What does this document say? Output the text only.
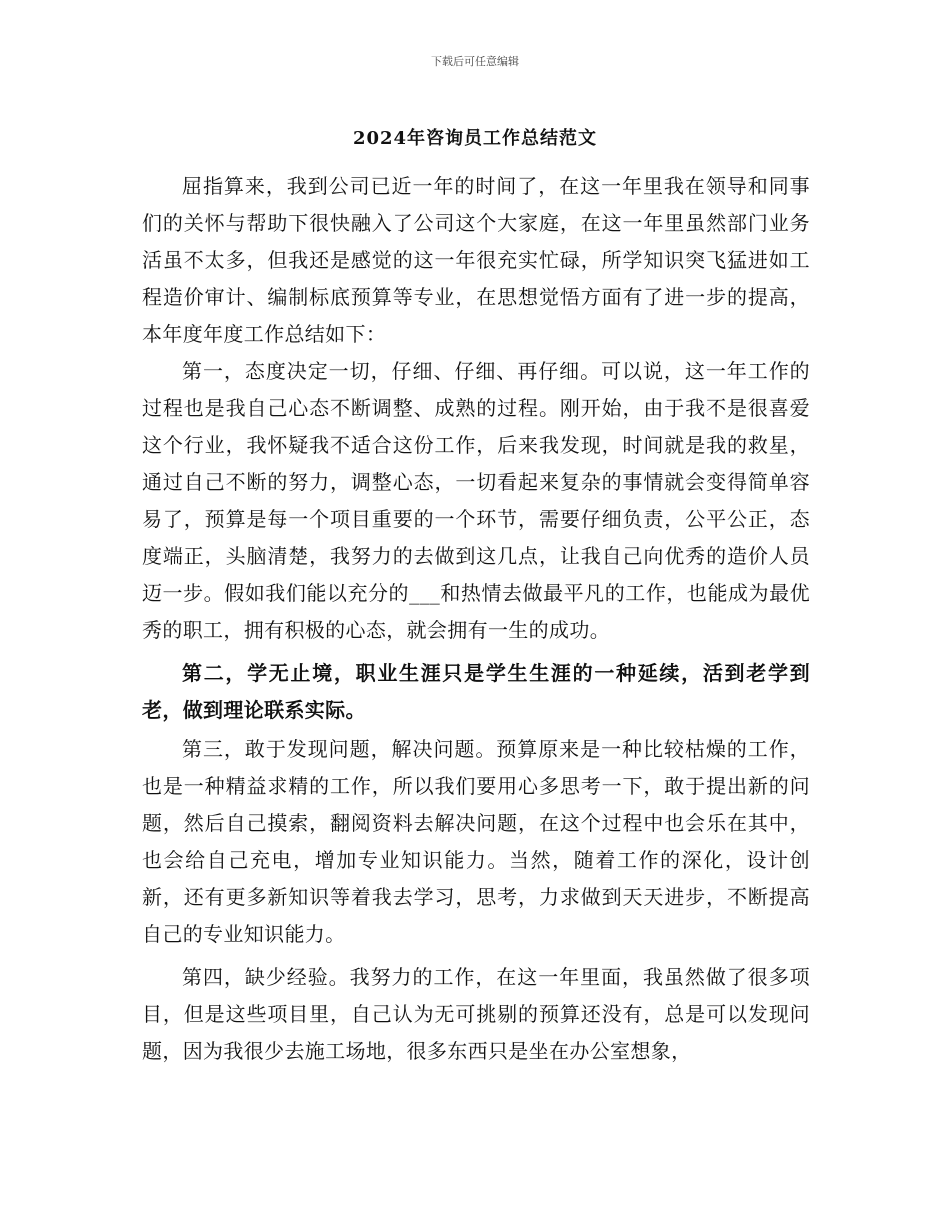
下载后可任意编辑
2024年咨询员工作总结范文

屈指算来，我到公司已近一年的时间了，在这一年里我在领导和同事们的关怀与帮助下很快融入了公司这个大家庭，在这一年里虽然部门业务活虽不太多，但我还是感觉的这一年很充实忙碌，所学知识突飞猛进如工程造价审计、编制标底预算等专业，在思想觉悟方面有了进一步的提高，本年度年度工作总结如下：

第一，态度决定一切，仔细、仔细、再仔细。可以说，这一年工作的过程也是我自己心态不断调整、成熟的过程。刚开始，由于我不是很喜爱这个行业，我怀疑我不适合这份工作，后来我发现，时间就是我的救星，通过自己不断的努力，调整心态，一切看起来复杂的事情就会变得简单容易了，预算是每一个项目重要的一个环节，需要仔细负责，公平公正，态度端正，头脑清楚，我努力的去做到这几点，让我自己向优秀的造价人员迈一步。假如我们能以充分的___和热情去做最平凡的工作，也能成为最优秀的职工，拥有积极的心态，就会拥有一生的成功。

第二，学无止境，职业生涯只是学生生涯的一种延续，活到老学到老，做到理论联系实际。

第三，敢于发现问题，解决问题。预算原来是一种比较枯燥的工作，也是一种精益求精的工作，所以我们要用心多思考一下，敢于提出新的问题，然后自己摸索，翻阅资料去解决问题，在这个过程中也会乐在其中，也会给自己充电，增加专业知识能力。当然，随着工作的深化，设计创新，还有更多新知识等着我去学习，思考，力求做到天天进步，不断提高自己的专业知识能力。

第四，缺少经验。我努力的工作，在这一年里面，我虽然做了很多项目，但是这些项目里，自己认为无可挑剔的预算还没有，总是可以发现问题，因为我很少去施工场地，很多东西只是坐在办公室想象，
